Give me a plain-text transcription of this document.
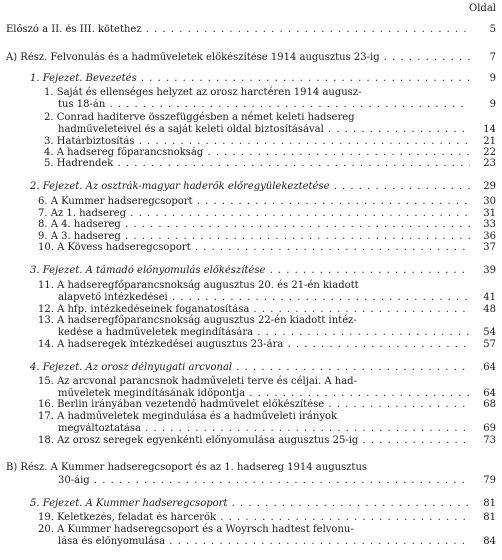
Oldal
Előszó a II. és III. kötethez . . .	5
A) Rész. Felvonulás és a hadműveletek előkészítése 1914 augusztus 23-ig . . .	7
1. Fejezet. Bevezetés . . .	9
1. Saját és ellenséges helyzet az orosz harctéren 1914 augusz-
tus 18-án . . .	9
2. Conrad haditerve összefüggésben a német keleti hadsereg
hadműveleteivel és a saját keleti oldal biztosításával . . .	14
3. Határbiztosítás . . .	21
4. A hadsereg főparancsnokság . . .	22
5. Hadrendek . . .	23
2. Fejezet. Az osztrák-magyar haderők előregyülekeztetése . . .	29
6. A Kummer hadseregcsoport . . .	30
7. Az 1. hadsereg . . .	31
8. A 4. hadsereg . . .	33
9. A 3. hadsereg . . .	36
10. A Kövess hadseregcsoport . . .	37
3. Fejezet. A támadó előnyomulás előkészítése . . .	39
11. A hadseregfőparancsnokság augusztus 20. és 21-én kiadott
alapvető intézkedései . . .	41
12. A hfp. intézkedéseinek foganatosítása . . .	48
13. A hadseregfőparancsnokság augusztus 22-én kiadott intéz-
kedése a hadműveletek megindítására . . .	54
14. A hadseregek intézkedései augusztus 23-ára . . .	57
4. Fejezet. Az orosz délnyugati arcvonal . . .	64
15. Az arcvonal parancsnok hadműveleti terve és céljai. A had-
műveletek megindításának időpontja . . .	64
16. Berlin irányában vezetendő hadművelet előkészítése . . .	68
17. A hadműveletek megindulása és a hadműveleti irányok
megváltoztatása . . .	69
18. Az orosz seregek egyenkénti előnyomulása augusztus 25-ig . . .	73
B) Rész. A Kummer hadseregcsoport és az 1. hadsereg 1914 augusztus
30-áig . . .	79
5. Fejezet. A Kummer hadseregcsoport . . .	81
19. Keletkezés, feladat és harcerők . . .	81
20. A Kummer hadseregcsoport és a Woyrsch hadtest felvonu-
lása és előnyomulása . . .	84
